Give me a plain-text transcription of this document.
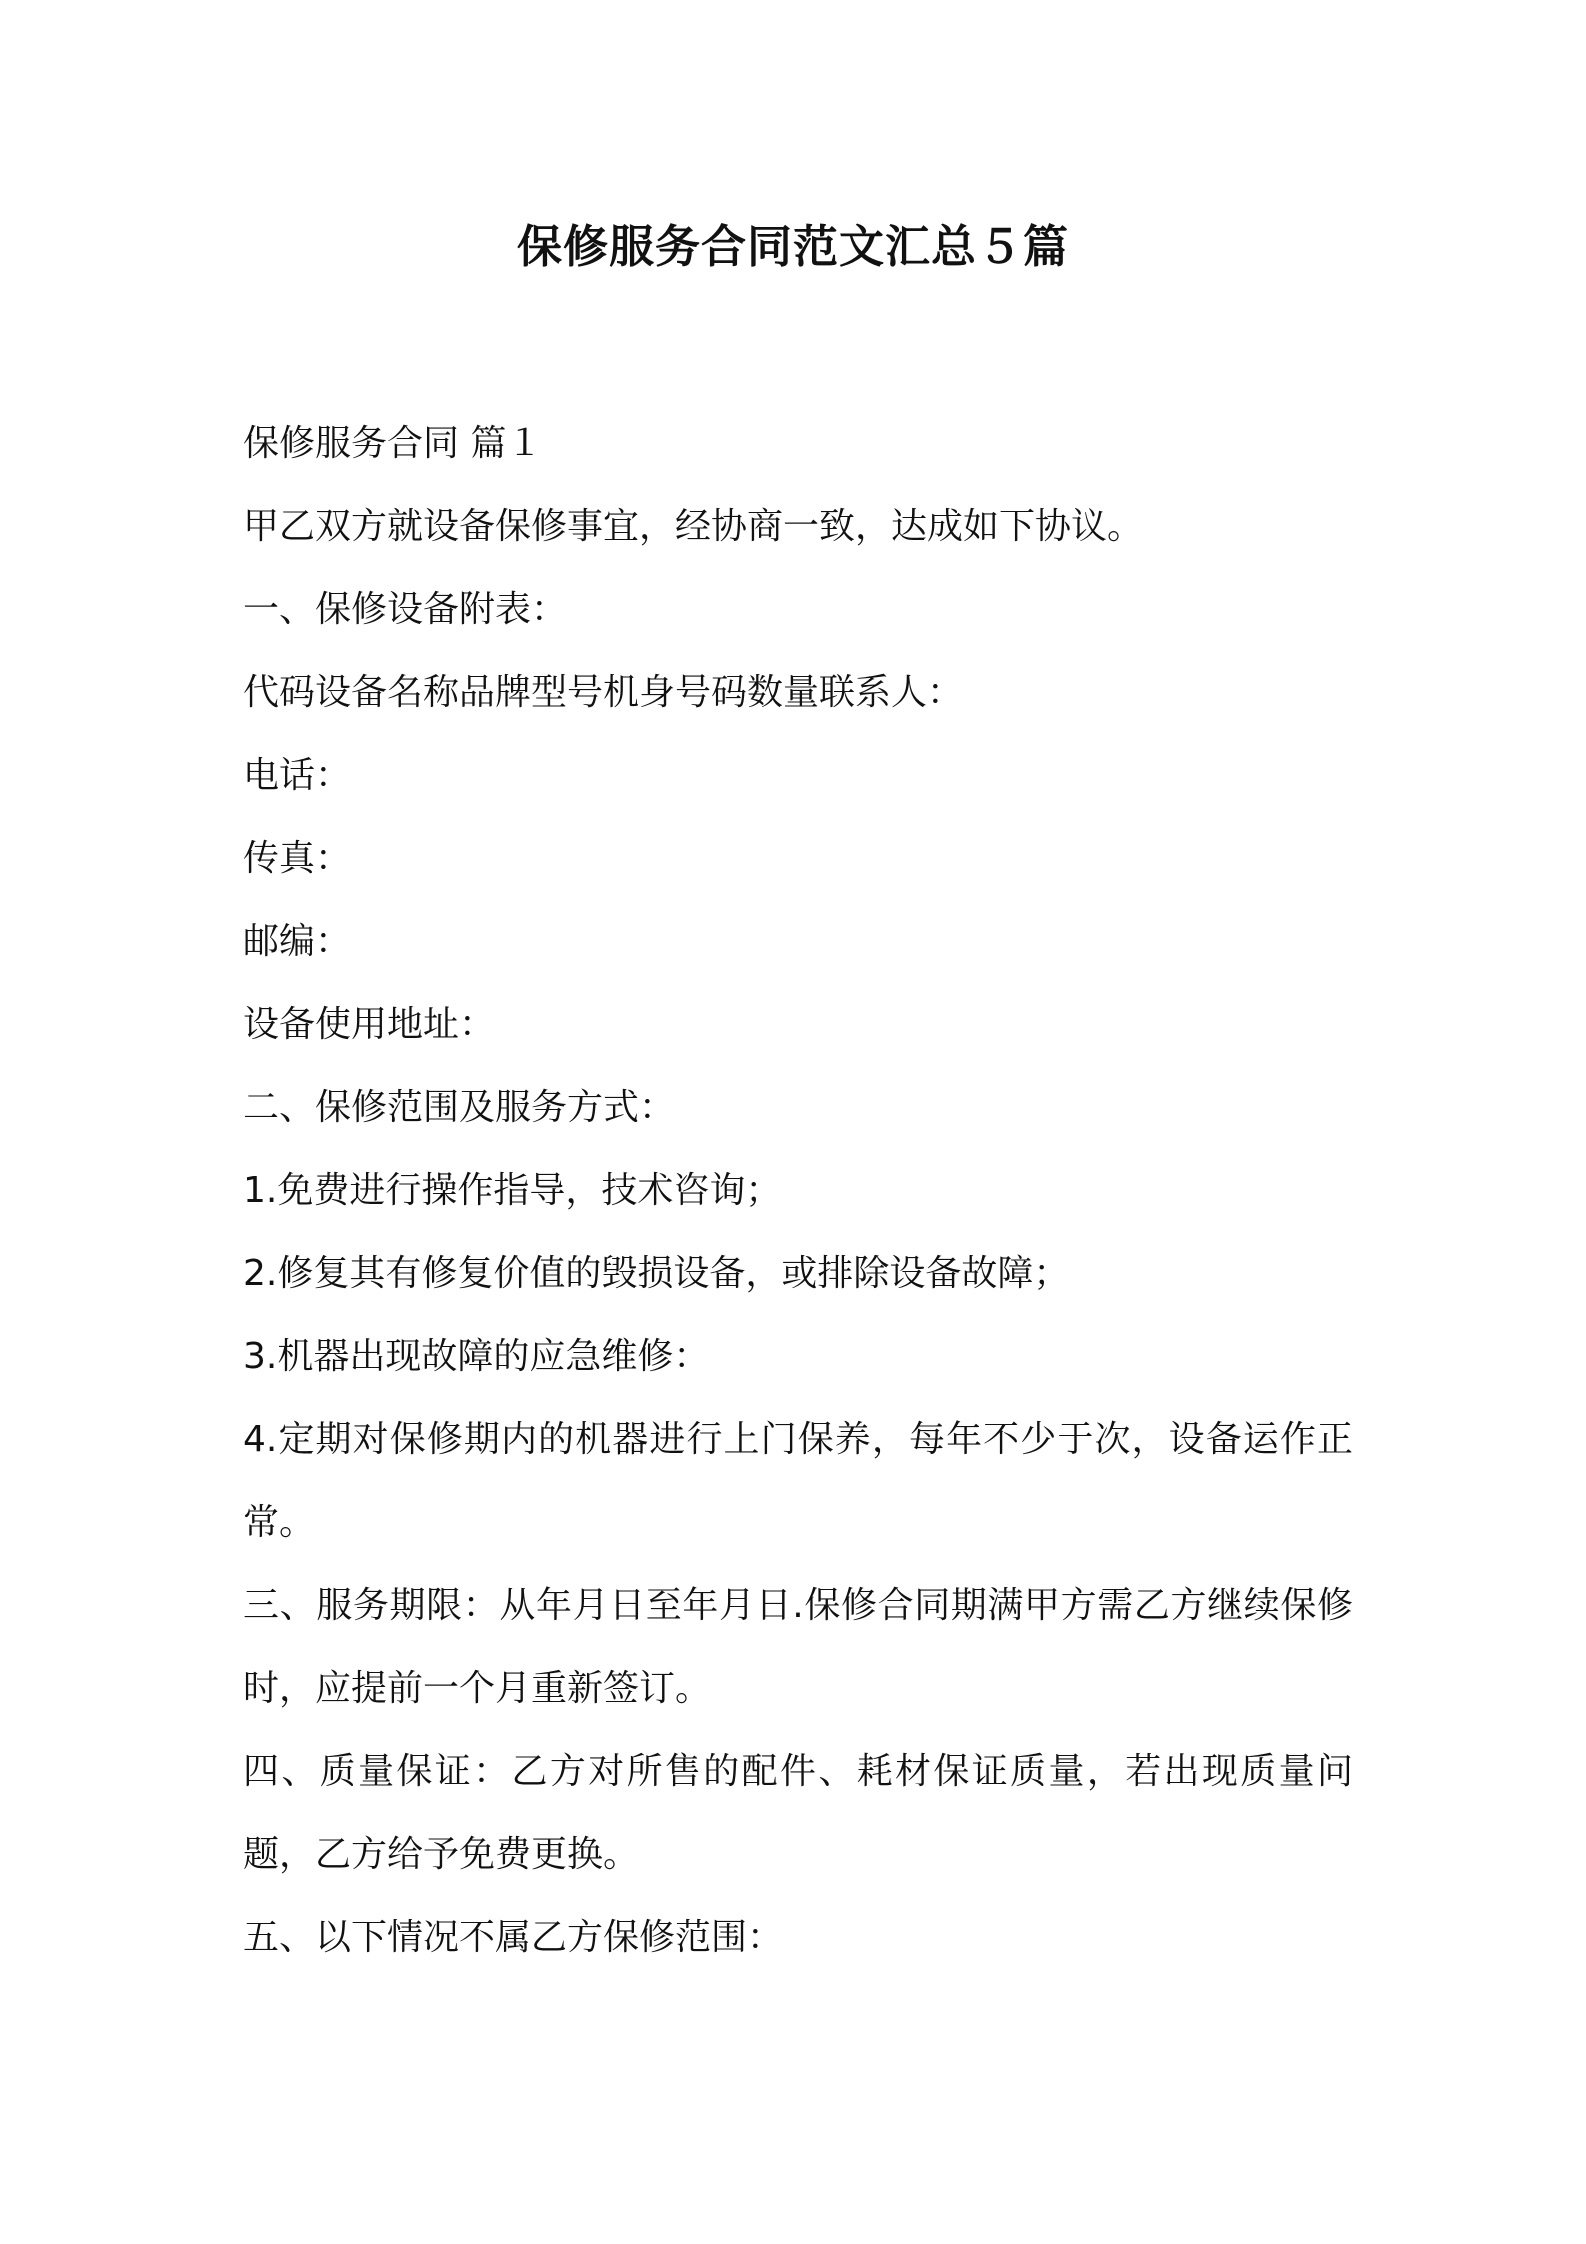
保修服务合同范文汇总５篇

保修服务合同 篇１

甲乙双方就设备保修事宜，经协商一致，达成如下协议。

一、保修设备附表：

代码设备名称品牌型号机身号码数量联系人：

电话：

传真：

邮编：

设备使用地址：

二、保修范围及服务方式：

1.免费进行操作指导，技术咨询；

2.修复其有修复价值的毁损设备，或排除设备故障；

3.机器出现故障的应急维修：

4.定期对保修期内的机器进行上门保养，每年不少于次，设备运作正常。

三、服务期限：从年月日至年月日.保修合同期满甲方需乙方继续保修时，应提前一个月重新签订。

四、质量保证：乙方对所售的配件、耗材保证质量，若出现质量问题，乙方给予免费更换。

五、以下情况不属乙方保修范围：
